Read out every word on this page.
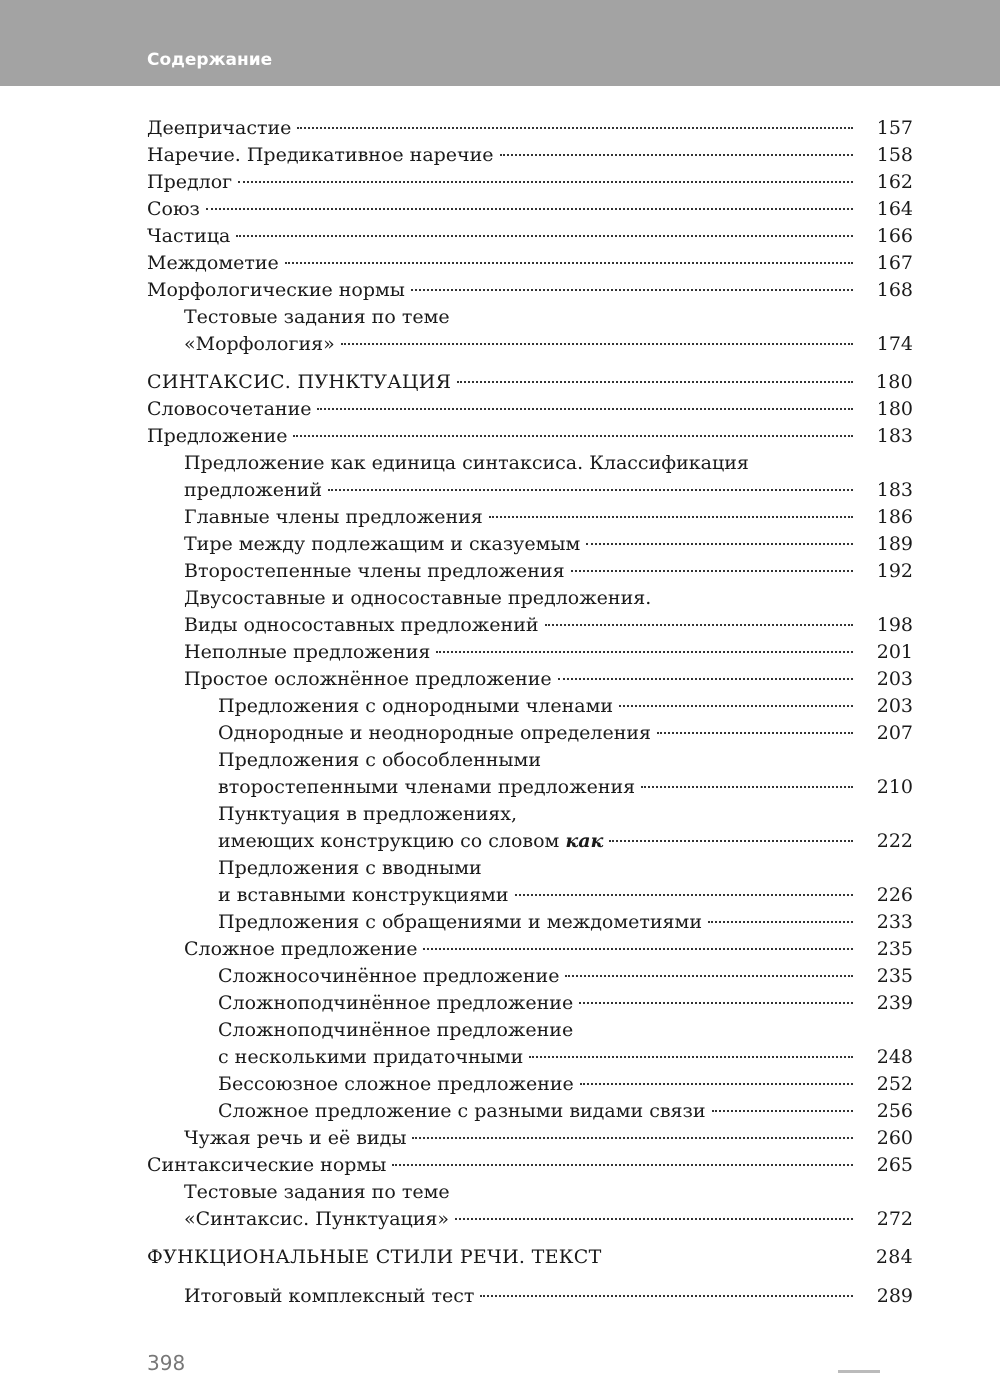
Содержание
Деепричастие	157
Наречие. Предикативное наречие	158
Предлог	162
Союз	164
Частица	166
Междометие	167
Морфологические нормы	168
Тестовые задания по теме
«Морфология»	174
СИНТАКСИС. ПУНКТУАЦИЯ	180
Словосочетание	180
Предложение	183
Предложение как единица синтаксиса. Классификация
предложений	183
Главные члены предложения	186
Тире между подлежащим и сказуемым	189
Второстепенные члены предложения	192
Двусоставные и односоставные предложения.
Виды односоставных предложений	198
Неполные предложения	201
Простое осложнённое предложение	203
Предложения с однородными членами	203
Однородные и неоднородные определения	207
Предложения с обособленными
второстепенными членами предложения	210
Пунктуация в предложениях,
имеющих конструкцию со словом как	222
Предложения с вводными
и вставными конструкциями	226
Предложения с обращениями и междометиями	233
Сложное предложение	235
Сложносочинённое предложение	235
Сложноподчинённое предложение	239
Сложноподчинённое предложение
с несколькими придаточными	248
Бессоюзное сложное предложение	252
Сложное предложение с разными видами связи	256
Чужая речь и её виды	260
Синтаксические нормы	265
Тестовые задания по теме
«Синтаксис. Пунктуация»	272
ФУНКЦИОНАЛЬНЫЕ СТИЛИ РЕЧИ. ТЕКСТ	284
Итоговый комплексный тест	289
398
